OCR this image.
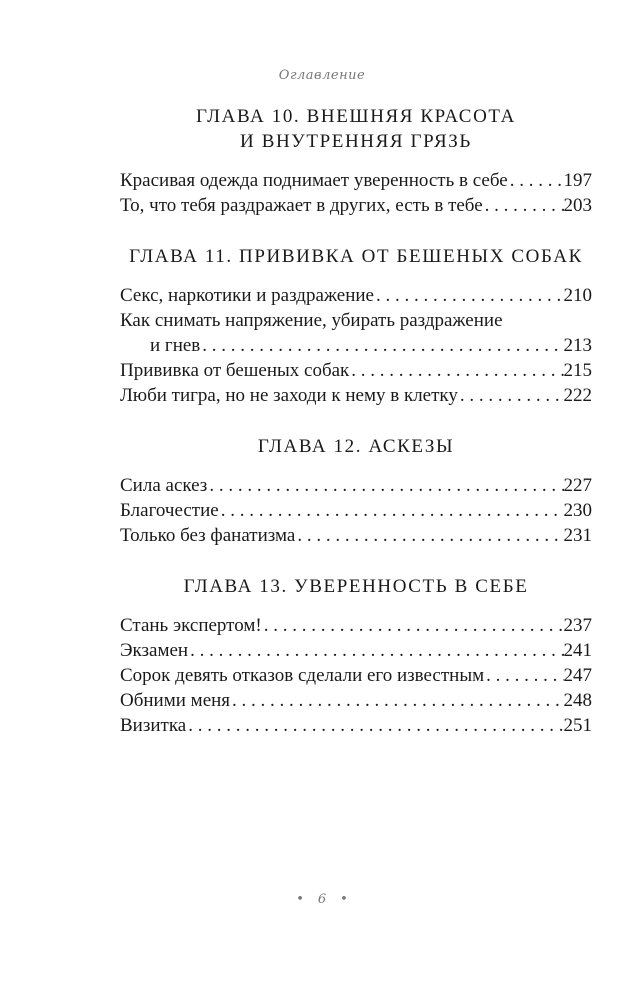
Оглавление
ГЛАВА 10. ВНЕШНЯЯ КРАСОТА
И ВНУТРЕННЯЯ ГРЯЗЬ
Красивая одежда поднимает уверенность в себе . . .	197
То, что тебя раздражает в других, есть в тебе . . .	203
ГЛАВА 11. ПРИВИВКА ОТ БЕШЕНЫХ СОБАК
Секс, наркотики и раздражение . . .	210
Как снимать напряжение, убирать раздражение
и гнев . . .	213
Прививка от бешеных собак . . .	215
Люби тигра, но не заходи к нему в клетку . . .	222
ГЛАВА 12. АСКЕЗЫ
Сила аскез . . .	227
Благочестие . . .	230
Только без фанатизма . . .	231
ГЛАВА 13. УВЕРЕННОСТЬ В СЕБЕ
Стань экспертом! . . .	237
Экзамен . . .	241
Сорок девять отказов сделали его известным . . .	247
Обними меня . . .	248
Визитка . . .	251
• 6 •
